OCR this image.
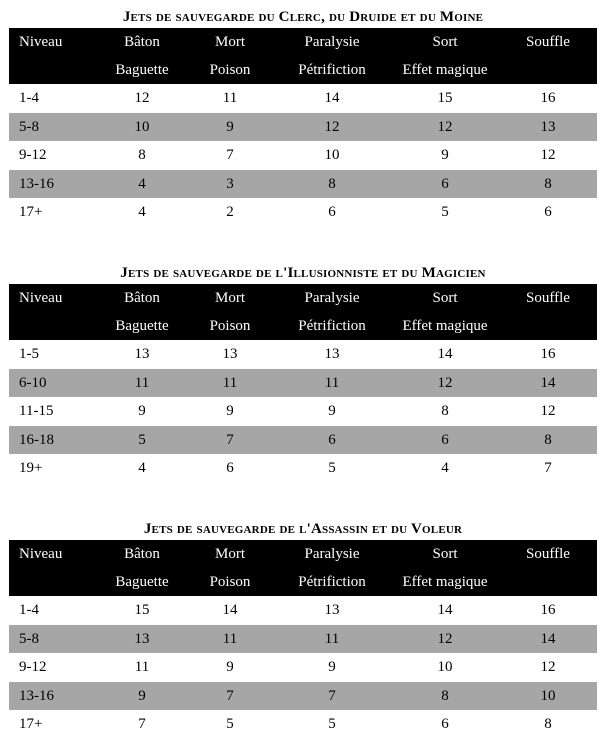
Jets de sauvegarde du Clerc, du Druide et du Moine
Niveau	Bâton	Mort	Paralysie	Sort	Souffle
	Baguette	Poison	Pétrifiction	Effet magique	
1-4	12	11	14	15	16
5-8	10	9	12	12	13
9-12	8	7	10	9	12
13-16	4	3	8	6	8
17+	4	2	6	5	6
Jets de sauvegarde de l'Illusionniste et du Magicien
Niveau	Bâton	Mort	Paralysie	Sort	Souffle
	Baguette	Poison	Pétrifiction	Effet magique	
1-5	13	13	13	14	16
6-10	11	11	11	12	14
11-15	9	9	9	8	12
16-18	5	7	6	6	8
19+	4	6	5	4	7
Jets de sauvegarde de l'Assassin et du Voleur
Niveau	Bâton	Mort	Paralysie	Sort	Souffle
	Baguette	Poison	Pétrifiction	Effet magique	
1-4	15	14	13	14	16
5-8	13	11	11	12	14
9-12	11	9	9	10	12
13-16	9	7	7	8	10
17+	7	5	5	6	8
